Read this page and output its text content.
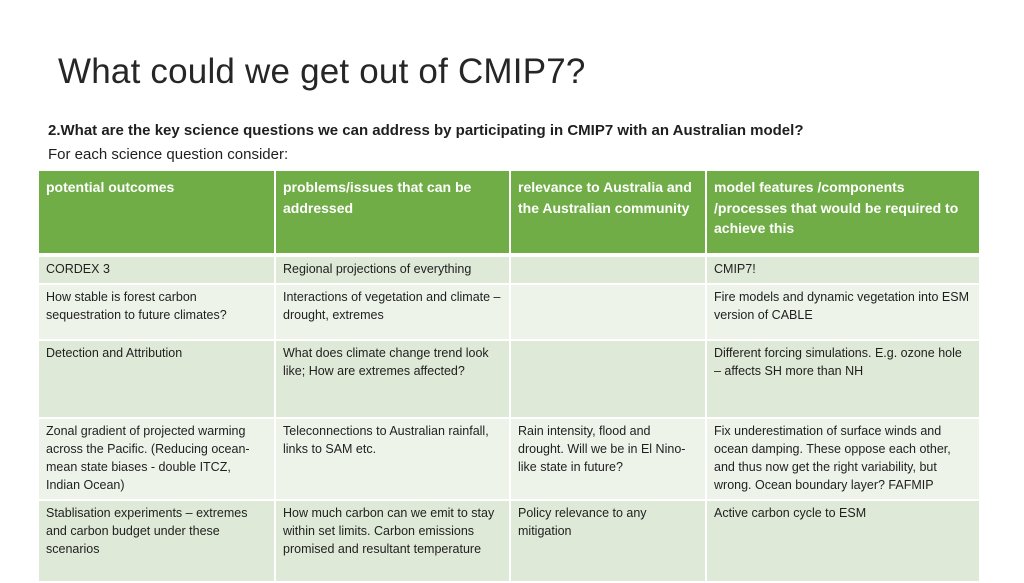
What could we get out of CMIP7?
2.What are the key science questions we can address by participating in CMIP7 with an Australian model?
For each science question consider:
potential outcomes	problems/issues that can be addressed	relevance to Australia and the Australian community	model features /components /processes that would be required to achieve this
CORDEX 3	Regional projections of everything		CMIP7!
How stable is forest carbon sequestration to future climates?	Interactions of vegetation and climate – drought, extremes		Fire models and dynamic vegetation into ESM version of CABLE
Detection and Attribution	What does climate change trend look like; How are extremes affected?		Different forcing simulations. E.g. ozone hole – affects SH more than NH
Zonal gradient of projected warming across the Pacific. (Reducing ocean-mean state biases - double ITCZ, Indian Ocean)	Teleconnections to Australian rainfall, links to SAM etc.	Rain intensity, flood and drought. Will we be in El Nino-like state in future?	Fix underestimation of surface winds and ocean damping. These oppose each other, and thus now get the right variability, but wrong. Ocean boundary layer? FAFMIP
Stablisation experiments – extremes and carbon budget under these scenarios	How much carbon can we emit to stay within set limits. Carbon emissions promised and resultant temperature	Policy relevance to any mitigation	Active carbon cycle to ESM
